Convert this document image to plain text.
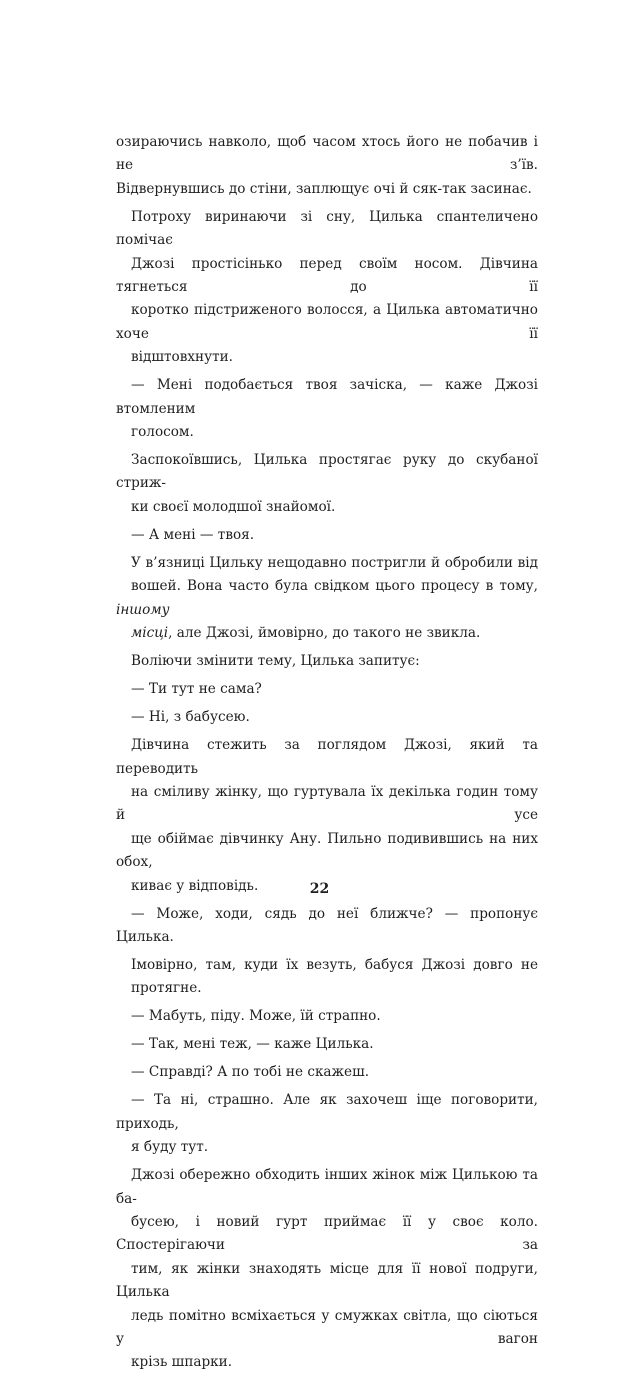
озираючись навколо, щоб часом хтось його не побачив і не з’їв.
Відвернувшись до стіни, заплющує очі й сяк-так засинає.

Потроху виринаючи зі сну, Цилька спантеличено помічає
Джозі простісінько перед своїм носом. Дівчина тягнеться до її
коротко підстриженого волосся, а Цилька автоматично хоче її
відштовхнути.

— Мені подобається твоя зачіска, — каже Джозі втомленим
голосом.

Заспокоївшись, Цилька простягає руку до скубаної стриж-
ки своєї молодшої знайомої.

— А мені — твоя.

У в’язниці Цильку нещодавно постригли й обробили від
вошей. Вона часто була свідком цього процесу в тому, іншому
місці, але Джозі, ймовірно, до такого не звикла.

Воліючи змінити тему, Цилька запитує:

— Ти тут не сама?

— Ні, з бабусею.

Дівчина стежить за поглядом Джозі, який та переводить
на сміливу жінку, що гуртувала їх декілька годин тому й усе
ще обіймає дівчинку Ану. Пильно подивившись на них обох,
киває у відповідь.

— Може, ходи, сядь до неї ближче? — пропонує Цилька.

Імовірно, там, куди їх везуть, бабуся Джозі довго не
протягне.

— Мабуть, піду. Може, їй страпно.

— Так, мені теж, — каже Цилька.

— Справді? А по тобі не скажеш.

— Та ні, страшно. Але як захочеш іще поговорити, приходь,
я буду тут.

Джозі обережно обходить інших жінок між Цилькою та ба-
бусею, і новий гурт приймає її у своє коло. Спостерігаючи за
тим, як жінки знаходять місце для її нової подруги, Цилька
ледь помітно всміхається у смужках світла, що сіються у вагон
крізь шпарки.

22
